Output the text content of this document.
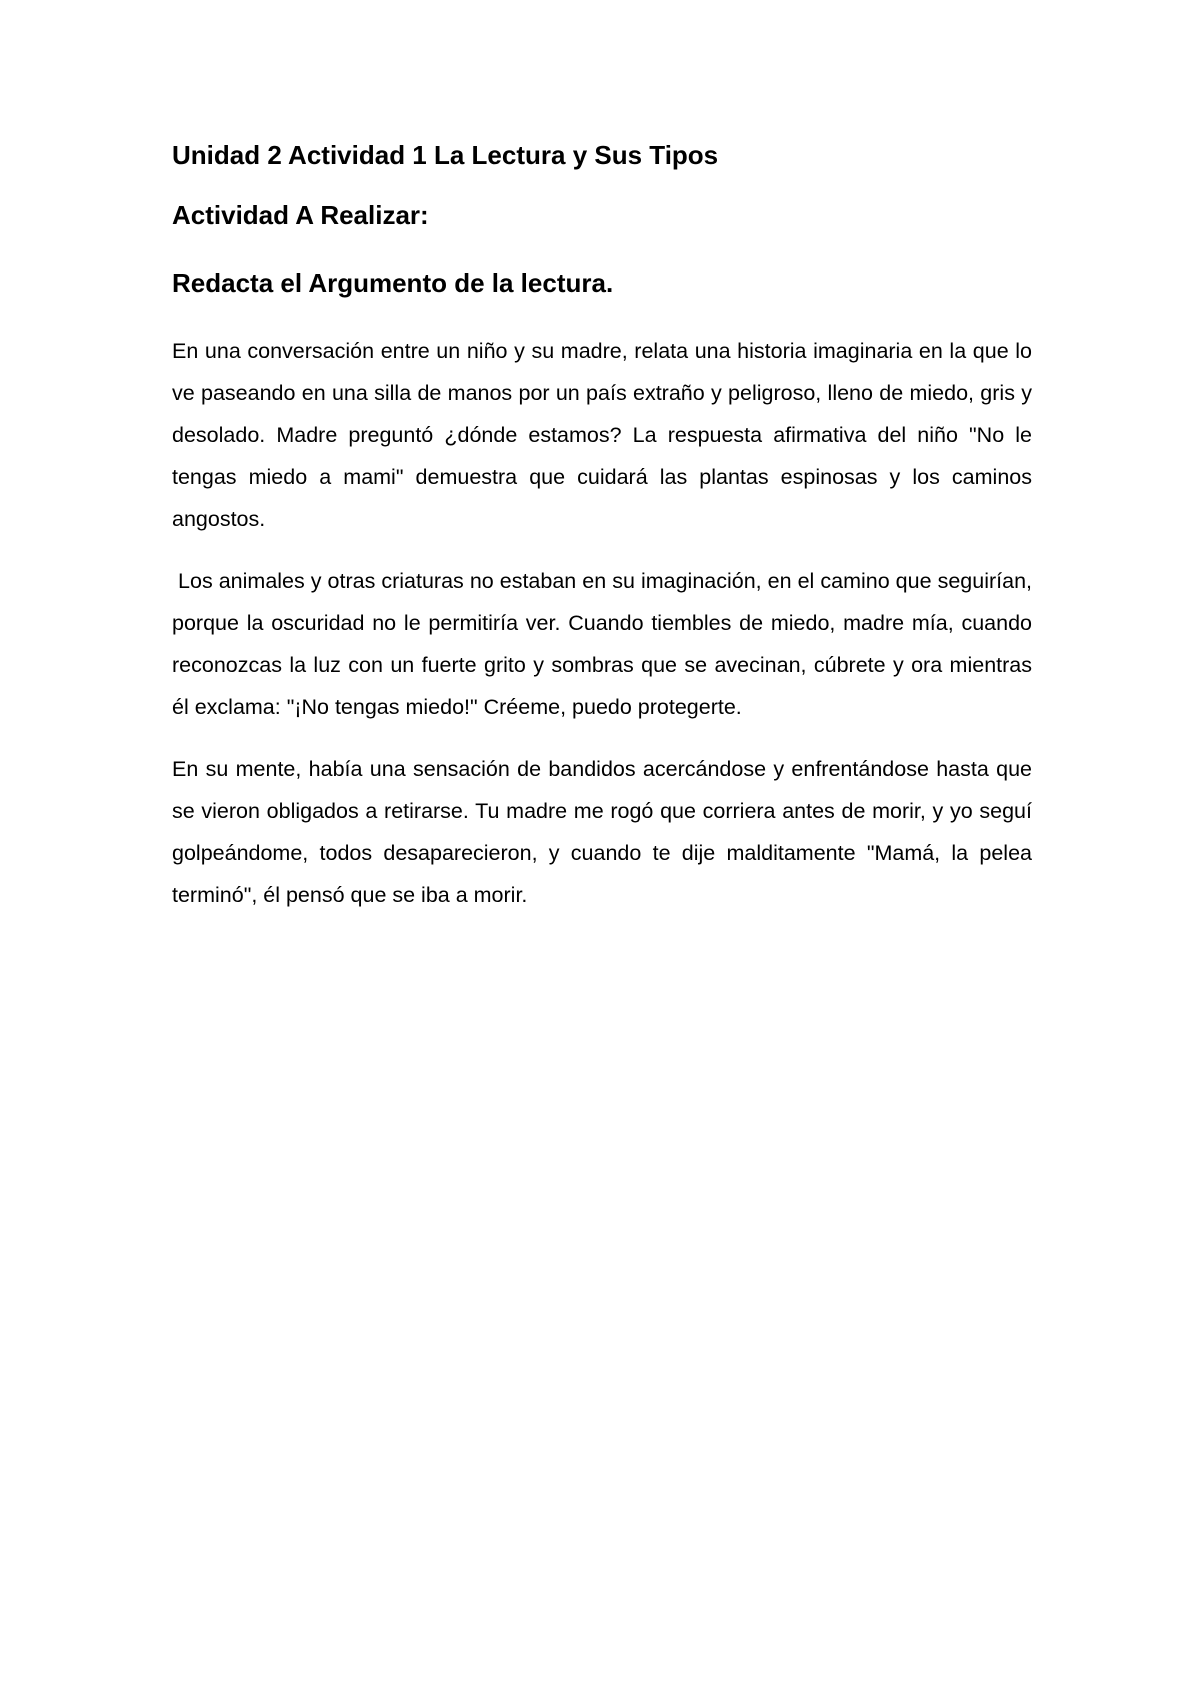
Unidad 2 Actividad 1 La Lectura y Sus Tipos
Actividad A Realizar:
Redacta el Argumento de la lectura.

En una conversación entre un niño y su madre, relata una historia imaginaria en la que lo ve paseando en una silla de manos por un país extraño y peligroso, lleno de miedo, gris y desolado. Madre preguntó ¿dónde estamos? La respuesta afirmativa del niño "No le tengas miedo a mami" demuestra que cuidará las plantas espinosas y los caminos angostos.

Los animales y otras criaturas no estaban en su imaginación, en el camino que seguirían, porque la oscuridad no le permitiría ver. Cuando tiembles de miedo, madre mía, cuando reconozcas la luz con un fuerte grito y sombras que se avecinan, cúbrete y ora mientras él exclama: "¡No tengas miedo!" Créeme, puedo protegerte.

En su mente, había una sensación de bandidos acercándose y enfrentándose hasta que se vieron obligados a retirarse. Tu madre me rogó que corriera antes de morir, y yo seguí golpeándome, todos desaparecieron, y cuando te dije malditamente "Mamá, la pelea terminó", él pensó que se iba a morir.
